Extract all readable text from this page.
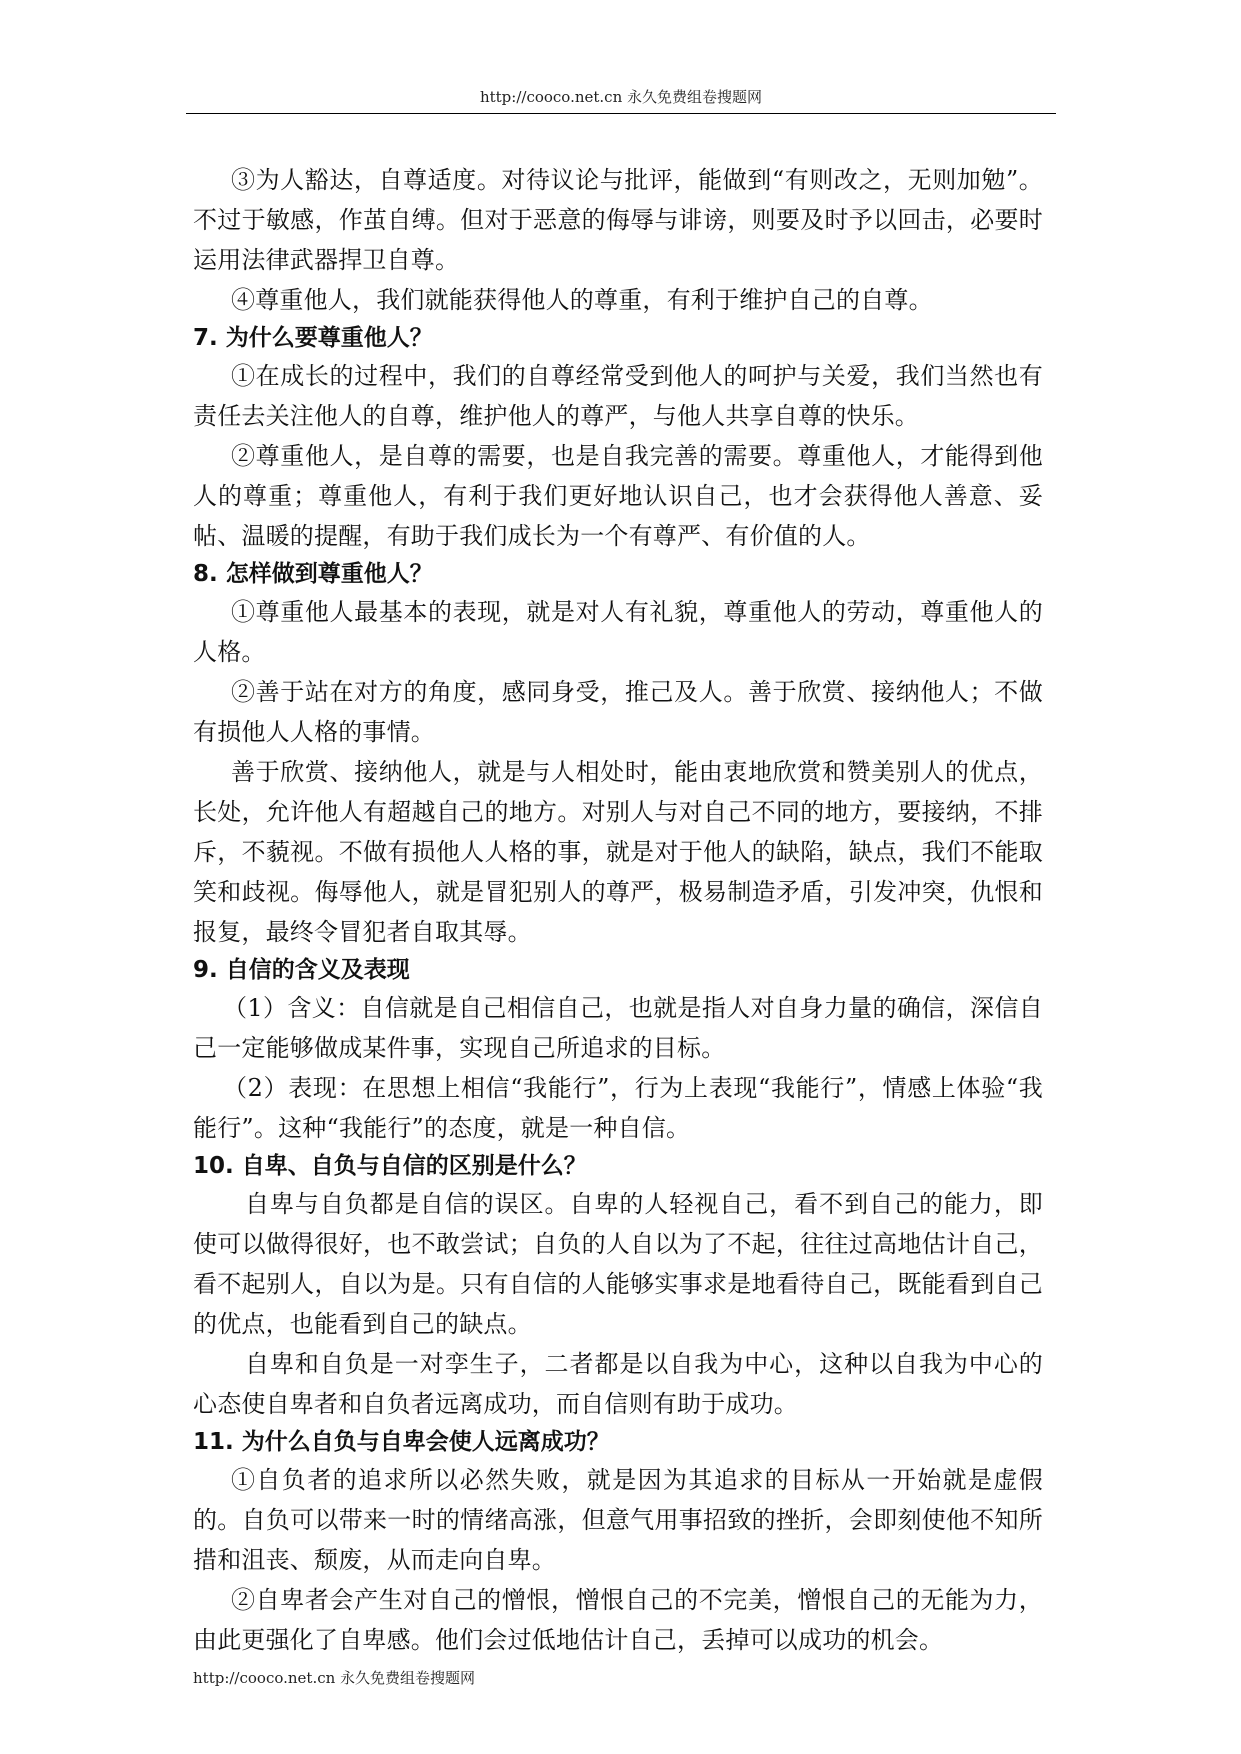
http://cooco.net.cn 永久免费组卷搜题网

③为人豁达，自尊适度。对待议论与批评，能做到“有则改之，无则加勉”。不过于敏感，作茧自缚。但对于恶意的侮辱与诽谤，则要及时予以回击，必要时运用法律武器捍卫自尊。

④尊重他人，我们就能获得他人的尊重，有利于维护自己的自尊。

7. 为什么要尊重他人？

①在成长的过程中，我们的自尊经常受到他人的呵护与关爱，我们当然也有责任去关注他人的自尊，维护他人的尊严，与他人共享自尊的快乐。

②尊重他人，是自尊的需要，也是自我完善的需要。尊重他人，才能得到他人的尊重；尊重他人，有利于我们更好地认识自己，也才会获得他人善意、妥帖、温暖的提醒，有助于我们成长为一个有尊严、有价值的人。

8. 怎样做到尊重他人？

①尊重他人最基本的表现，就是对人有礼貌，尊重他人的劳动，尊重他人的人格。

②善于站在对方的角度，感同身受，推己及人。善于欣赏、接纳他人；不做有损他人人格的事情。

善于欣赏、接纳他人，就是与人相处时，能由衷地欣赏和赞美别人的优点，长处，允许他人有超越自己的地方。对别人与对自己不同的地方，要接纳，不排斥，不藐视。不做有损他人人格的事，就是对于他人的缺陷，缺点，我们不能取笑和歧视。侮辱他人，就是冒犯别人的尊严，极易制造矛盾，引发冲突，仇恨和报复，最终令冒犯者自取其辱。

9. 自信的含义及表现

（1）含义：自信就是自己相信自己，也就是指人对自身力量的确信，深信自己一定能够做成某件事，实现自己所追求的目标。

（2）表现：在思想上相信“我能行”，行为上表现“我能行”，情感上体验“我能行”。这种“我能行”的态度，就是一种自信。

10. 自卑、自负与自信的区别是什么？

自卑与自负都是自信的误区。自卑的人轻视自己，看不到自己的能力，即使可以做得很好，也不敢尝试；自负的人自以为了不起，往往过高地估计自己，看不起别人，自以为是。只有自信的人能够实事求是地看待自己，既能看到自己的优点，也能看到自己的缺点。

自卑和自负是一对孪生子，二者都是以自我为中心，这种以自我为中心的心态使自卑者和自负者远离成功，而自信则有助于成功。

11. 为什么自负与自卑会使人远离成功？

①自负者的追求所以必然失败，就是因为其追求的目标从一开始就是虚假的。自负可以带来一时的情绪高涨，但意气用事招致的挫折，会即刻使他不知所措和沮丧、颓废，从而走向自卑。

②自卑者会产生对自己的憎恨，憎恨自己的不完美，憎恨自己的无能为力，由此更强化了自卑感。他们会过低地估计自己，丢掉可以成功的机会。

http://cooco.net.cn 永久免费组卷搜题网
